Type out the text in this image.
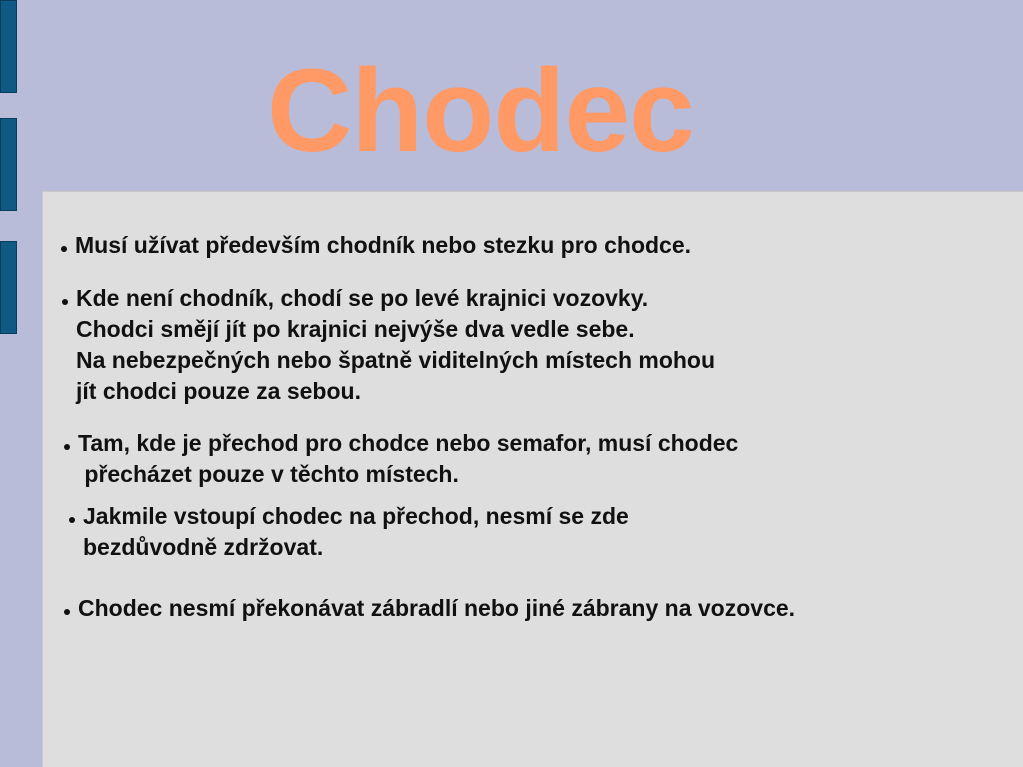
Chodec
Musí užívat především chodník nebo stezku pro chodce.
Kde není chodník, chodí se po levé krajnici vozovky.
Chodci smějí jít po krajnici nejvýše dva vedle sebe.
Na nebezpečných nebo špatně viditelných místech mohou
jít chodci pouze za sebou.
Tam, kde je přechod pro chodce nebo semafor, musí chodec
přecházet pouze v těchto místech.
Jakmile vstoupí chodec na přechod, nesmí se zde
bezdůvodně zdržovat.
Chodec nesmí překonávat zábradlí nebo jiné zábrany na vozovce.
